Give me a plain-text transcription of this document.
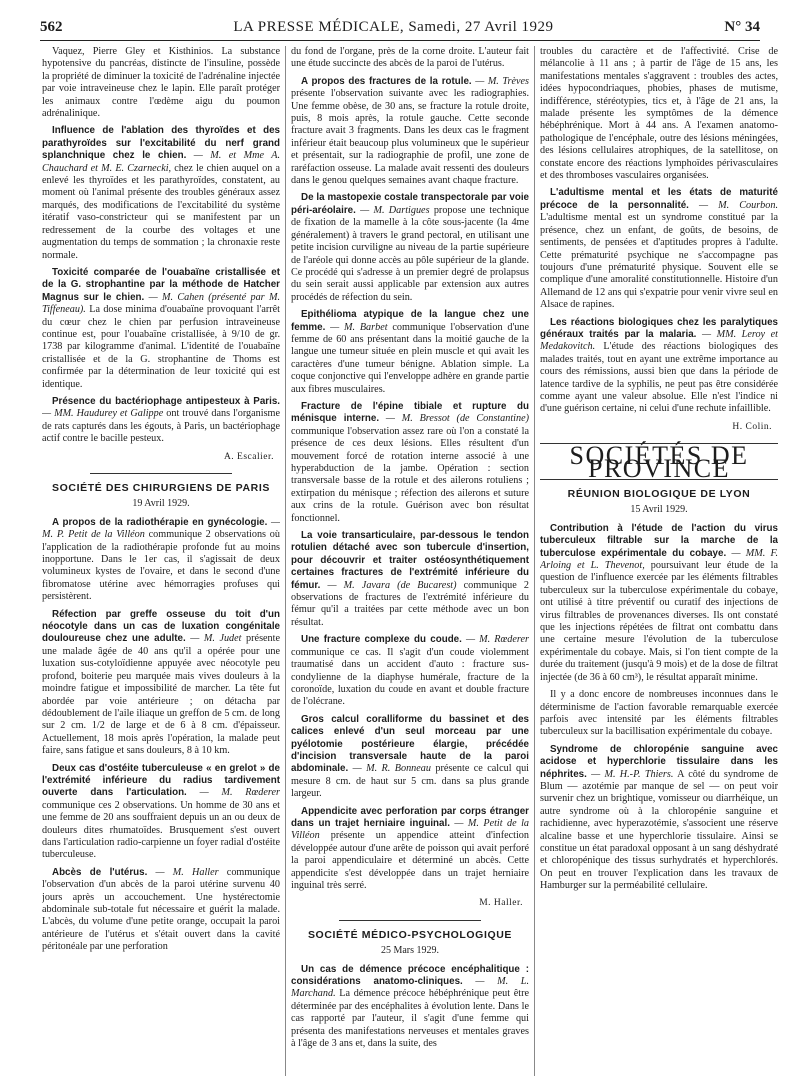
562	LA PRESSE MÉDICALE, Samedi, 27 Avril 1929	N° 34

Vaquez, Pierre Gley et Kisthinios. La substance hypotensive du pancréas, distincte de l'insuline, possède la propriété de diminuer la toxicité de l'adrénaline injectée par voie intraveineuse chez le lapin. Elle paraît protéger les animaux contre l'œdème aigu du poumon adrénalinique.

Influence de l'ablation des thyroïdes et des parathyroïdes sur l'excitabilité du nerf grand splanchnique chez le chien. — M. et Mme A. Chauchard et M. E. Czarnecki, chez le chien auquel on a enlevé les thyroïdes et les parathyroïdes, constatent, au moment où l'animal présente des troubles généraux assez marqués, des modifications de l'excitabilité du système itératif vaso-constricteur qui se manifestent par un redressement de la courbe des voltages et une augmentation du temps de sommation ; la chronaxie reste normale.

Toxicité comparée de l'ouabaïne cristallisée et de la G. strophantine par la méthode de Hatcher Magnus sur le chien. — M. Cahen (présenté par M. Tiffeneau). La dose minima d'ouabaïne provoquant l'arrêt du cœur chez le chien par perfusion intraveineuse continue est, pour l'ouabaïne cristallisée, à 9/10 de gr. 1738 par kilogramme d'animal. L'identité de l'ouabaïne cristallisée et de la G. strophantine de Thoms est confirmée par la détermination de leur toxicité qui est identique.

Présence du bactériophage antipesteux à Paris. — MM. Haudurey et Galippe ont trouvé dans l'organisme de rats capturés dans les égouts, à Paris, un bactériophage actif contre le bacille pesteux.

A. Escalier.
SOCIÉTÉ DES CHIRURGIENS DE PARIS
19 Avril 1929.

A propos de la radiothérapie en gynécologie. — M. P. Petit de la Villéon communique 2 observations où l'application de la radiothérapie profonde fut au moins inopportune. Dans le 1er cas, il s'agissait de deux volumineux kystes de l'ovaire, et dans le second d'une fibromatose utérine avec hémorragies profuses qui persistèrent.

Réfection par greffe osseuse du toit d'un néocotyle dans un cas de luxation congénitale douloureuse chez une adulte. — M. Judet présente une malade âgée de 40 ans qu'il a opérée pour une luxation sus-cotyloïdienne appuyée avec néocotyle peu profond, boiterie peu marquée mais vives douleurs à la moindre fatigue et impossibilité de marcher. La tête fut abordée par voie antérieure ; on détacha par dédoublement de l'aile iliaque un greffon de 5 cm. de long sur 2 cm. 1/2 de large et de 6 à 8 cm. d'épaisseur. Actuellement, 18 mois après l'opération, la malade peut faire, sans fatigue et sans douleurs, 8 à 10 km.

Deux cas d'ostéite tuberculeuse « en grelot » de l'extrémité inférieure du radius tardivement ouverte dans l'articulation. — M. Rœderer communique ces 2 observations. Un homme de 30 ans et une femme de 20 ans souffraient depuis un an ou deux de douleurs dites rhumatoïdes. Brusquement s'est ouvert dans l'articulation radio-carpienne un foyer radial d'ostéite tuberculeuse.

Abcès de l'utérus. — M. Haller communique l'observation d'un abcès de la paroi utérine survenu 40 jours après un accouchement. Une hystérectomie abdominale sub-totale fut nécessaire et guérit la malade. L'abcès, du volume d'une petite orange, occupait la paroi antérieure de l'utérus et s'était ouvert dans la cavité péritonéale par une perforation

du fond de l'organe, près de la corne droite. L'auteur fait une étude succincte des abcès de la paroi de l'utérus.

A propos des fractures de la rotule. — M. Trèves présente l'observation suivante avec les radiographies. Une femme obèse, de 30 ans, se fracture la rotule droite, puis, 8 mois après, la rotule gauche. Cette seconde fracture avait 3 fragments. Dans les deux cas le fragment inférieur était beaucoup plus volumineux que le supérieur et présentait, sur la radiographie de profil, une zone de raréfaction osseuse. La malade avait ressenti des douleurs dans le genou quelques semaines avant chaque fracture.

De la mastopexie costale transpectorale par voie péri-aréolaire. — M. Dartigues propose une technique de fixation de la mamelle à la côte sous-jacente (la 4me généralement) à travers le grand pectoral, en utilisant une petite incision curviligne au niveau de la partie supérieure de l'aréole qui donne accès au pôle supérieur de la glande. Ce procédé qui s'adresse à un premier degré de prolapsus du sein serait aussi applicable par extension aux autres procédés de réfection du sein.

Epithélioma atypique de la langue chez une femme. — M. Barbet communique l'observation d'une femme de 60 ans présentant dans la moitié gauche de la langue une tumeur située en plein muscle et qui avait les caractères d'une tumeur bénigne. Ablation simple. La coque conjonctive qui l'enveloppe adhère en grande partie aux fibres musculaires.

Fracture de l'épine tibiale et rupture du ménisque interne. — M. Bressot (de Constantine) communique l'observation assez rare où l'on a constaté la présence de ces deux lésions. Elles résultent d'un mouvement forcé de rotation interne associé à une hyperabduction de la jambe. Opération : section transversale basse de la rotule et des ailerons rotuliens ; extirpation du ménisque ; réfection des ailerons et suture aux crins de la rotule. Guérison avec bon résultat fonctionnel.

La voie transarticulaire, par-dessous le tendon rotulien détaché avec son tubercule d'insertion, pour découvrir et traiter ostéosynthétiquement certaines fractures de l'extrémité inférieure du fémur. — M. Javara (de Bucarest) communique 2 observations de fractures de l'extrémité inférieure du fémur qu'il a traitées par cette méthode avec un bon résultat.

Une fracture complexe du coude. — M. Rœderer communique ce cas. Il s'agit d'un coude violemment traumatisé dans un accident d'auto : fracture sus-condylienne de la diaphyse humérale, fracture de la coronoïde, luxation du coude en avant et double fracture de l'olécrane.

Gros calcul coralliforme du bassinet et des calices enlevé d'un seul morceau par une pyélotomie postérieure élargie, précédée d'incision transversale haute de la paroi abdominale. — M. R. Bonneau présente ce calcul qui mesure 8 cm. de haut sur 5 cm. dans sa plus grande largeur.

Appendicite avec perforation par corps étranger dans un trajet herniaire inguinal. — M. Petit de la Villéon présente un appendice atteint d'infection développée autour d'une arête de poisson qui avait perforé la paroi appendiculaire et déterminé un abcès. Cette appendicite s'est développée dans un trajet herniaire inguinal très serré.

M. Haller.
SOCIÉTÉ MÉDICO-PSYCHOLOGIQUE
25 Mars 1929.

Un cas de démence précoce encéphalitique : considérations anatomo-cliniques. — M. L. Marchand. La démence précoce hébéphrénique peut être déterminée par des encéphalites à évolution lente. Dans le cas rapporté par l'auteur, il s'agit d'une femme qui présenta des manifestations nerveuses et mentales graves à l'âge de 3 ans et, dans la suite, des

troubles du caractère et de l'affectivité. Crise de mélancolie à 11 ans ; à partir de l'âge de 15 ans, les manifestations mentales s'aggravent : troubles des actes, idées hypocondriaques, phobies, phases de mutisme, indifférence, stéréotypies, tics et, à l'âge de 21 ans, la malade présente les symptômes de la démence hébéphrénique. Mort à 44 ans. A l'examen anatomo-pathologique de l'encéphale, outre des lésions méningées, des lésions cellulaires atrophiques, de la satellitose, on constate encore des réactions lymphoïdes périvasculaires et des thromboses vasculaires organisées.

L'adultisme mental et les états de maturité précoce de la personnalité. — M. Courbon. L'adultisme mental est un syndrome constitué par la présence, chez un enfant, de goûts, de besoins, de sentiments, de pensées et d'aptitudes propres à l'adulte. Cette prématurité psychique ne s'accompagne pas toujours d'une prématurité physique. Souvent elle se complique d'une amoralité constitutionnelle. Histoire d'un Allemand de 12 ans qui s'expatrie pour venir vivre seul en Alsace de rapines.

Les réactions biologiques chez les paralytiques généraux traités par la malaria. — MM. Leroy et Medakovitch. L'étude des réactions biologiques des malades traités, tout en ayant une extrême importance au cours des rémissions, aussi bien que dans la période de latence tardive de la syphilis, ne peut pas être considérée comme ayant une valeur absolue. Elle n'est l'indice ni d'une guérison certaine, ni celui d'une rechute infaillible.

H. Colin.
SOCIÉTÉS DE PROVINCE
RÉUNION BIOLOGIQUE DE LYON
15 Avril 1929.

Contribution à l'étude de l'action du virus tuberculeux filtrable sur la marche de la tuberculose expérimentale du cobaye. — MM. F. Arloing et L. Thevenot, poursuivant leur étude de la question de l'influence exercée par les éléments filtrables tuberculeux sur la tuberculose expérimentale du cobaye, ont utilisé à titre préventif ou curatif des injections de virus filtrables de provenances diverses. Ils ont constaté que les injections répétées de filtrat ont combattu dans une certaine mesure l'évolution de la tuberculose expérimentale du cobaye. Mais, si l'on tient compte de la durée du traitement (jusqu'à 9 mois) et de la dose de filtrat injectée (de 36 à 60 cm³), le résultat apparaît minime.

Il y a donc encore de nombreuses inconnues dans le déterminisme de l'action favorable remarquable exercée parfois avec intensité par les éléments filtrables tuberculeux sur la bacillisation expérimentale du cobaye.

Syndrome de chloropénie sanguine avec acidose et hyperchlorie tissulaire dans les néphrites. — M. H.-P. Thiers. A côté du syndrome de Blum — azotémie par manque de sel — on peut voir survenir chez un brightique, vomisseur ou diarrhéique, un autre syndrome où à la chloropénie sanguine et rachidienne, avec hyperazotémie, s'associent une réserve alcaline basse et une hyperchlorie tissulaire. Ainsi se constitue un état paradoxal opposant à un sang déshydraté et chloropénique des tissus surhydratés et hyperchlorés. On peut en trouver l'explication dans les travaux de Hamburger sur la perméabilité cellulaire.
